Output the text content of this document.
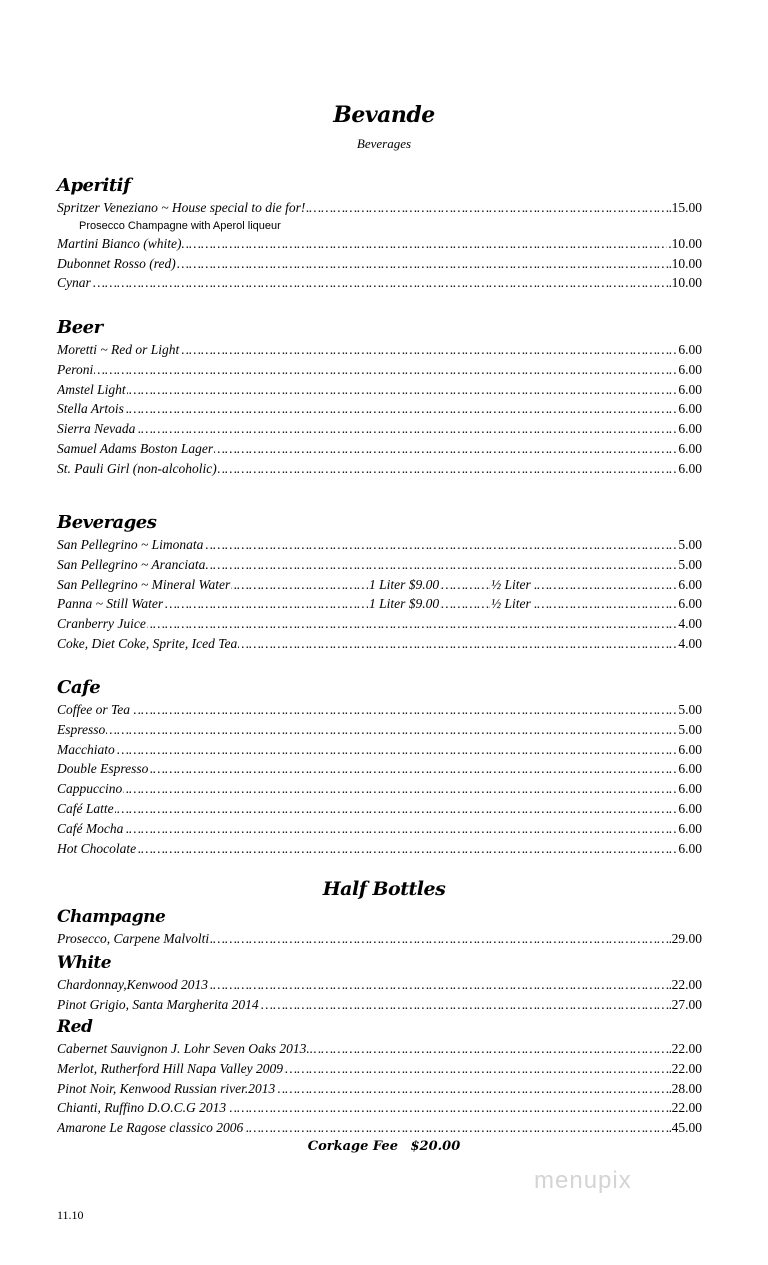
Bevande
Beverages
Aperitif
…………………………………………………………………………………………………………………………………………………………………………………… Spritzer Veneziano ~ House special to die for!	15.00
Prosecco Champagne with Aperol liqueur
…………………………………………………………………………………………………………………………………………………………………………………… Martini Bianco (white)	.10.00
…………………………………………………………………………………………………………………………………………………………………………………… Dubonnet Rosso (red)	10.00
…………………………………………………………………………………………………………………………………………………………………………………… Cynar	10.00
Beer
…………………………………………………………………………………………………………………………………………………………………………………… Moretti ~ Red or Light	6.00
…………………………………………………………………………………………………………………………………………………………………………………… Peroni	6.00
…………………………………………………………………………………………………………………………………………………………………………………… Amstel Light	6.00
…………………………………………………………………………………………………………………………………………………………………………………… Stella Artois	6.00
…………………………………………………………………………………………………………………………………………………………………………………… Sierra Nevada	6.00
…………………………………………………………………………………………………………………………………………………………………………………… Samuel Adams Boston Lager	6.00
…………………………………………………………………………………………………………………………………………………………………………………… St. Pauli Girl (non-alcoholic)	6.00
Beverages
…………………………………………………………………………………………………………………………………………………………………………………… San Pellegrino ~ Limonata	5.00
…………………………………………………………………………………………………………………………………………………………………………………… San Pellegrino ~ Aranciata	5.00
…………………………………………………………………………………………………………………………………………………………………………………… San Pellegrino ~ Mineral Water	1 Liter $9.00	½ Liter	6.00
…………………………………………………………………………………………………………………………………………………………………………………… Panna ~ Still Water	1 Liter $9.00	½ Liter	6.00
…………………………………………………………………………………………………………………………………………………………………………………… Cranberry Juice	4.00
…………………………………………………………………………………………………………………………………………………………………………………… Coke, Diet Coke, Sprite, Iced Tea	4.00
Cafe
…………………………………………………………………………………………………………………………………………………………………………………… Coffee or Tea	5.00
…………………………………………………………………………………………………………………………………………………………………………………… Espresso	5.00
…………………………………………………………………………………………………………………………………………………………………………………… Macchiato	6.00
…………………………………………………………………………………………………………………………………………………………………………………… Double Espresso	6.00
…………………………………………………………………………………………………………………………………………………………………………………… Cappuccino	6.00
…………………………………………………………………………………………………………………………………………………………………………………… Café Latte	6.00
…………………………………………………………………………………………………………………………………………………………………………………… Café Mocha	6.00
…………………………………………………………………………………………………………………………………………………………………………………… Hot Chocolate	6.00
Half Bottles
Champagne
…………………………………………………………………………………………………………………………………………………………………………………… Prosecco, Carpene Malvolti	29.00
White
…………………………………………………………………………………………………………………………………………………………………………………… Chardonnay,Kenwood 2013	22.00
…………………………………………………………………………………………………………………………………………………………………………………… Pinot Grigio, Santa Margherita 2014	27.00
Red
…………………………………………………………………………………………………………………………………………………………………………………… Cabernet Sauvignon J. Lohr Seven Oaks 2013..	22.00
…………………………………………………………………………………………………………………………………………………………………………………… Merlot, Rutherford Hill Napa Valley 2009	22.00
…………………………………………………………………………………………………………………………………………………………………………………… Pinot Noir, Kenwood Russian river.2013	28.00
…………………………………………………………………………………………………………………………………………………………………………………… Chianti, Ruffino D.O.C.G 2013	22.00
…………………………………………………………………………………………………………………………………………………………………………………… Amarone Le Ragose classico 2006	45.00
Corkage Fee $20.00
menupix
11.10
